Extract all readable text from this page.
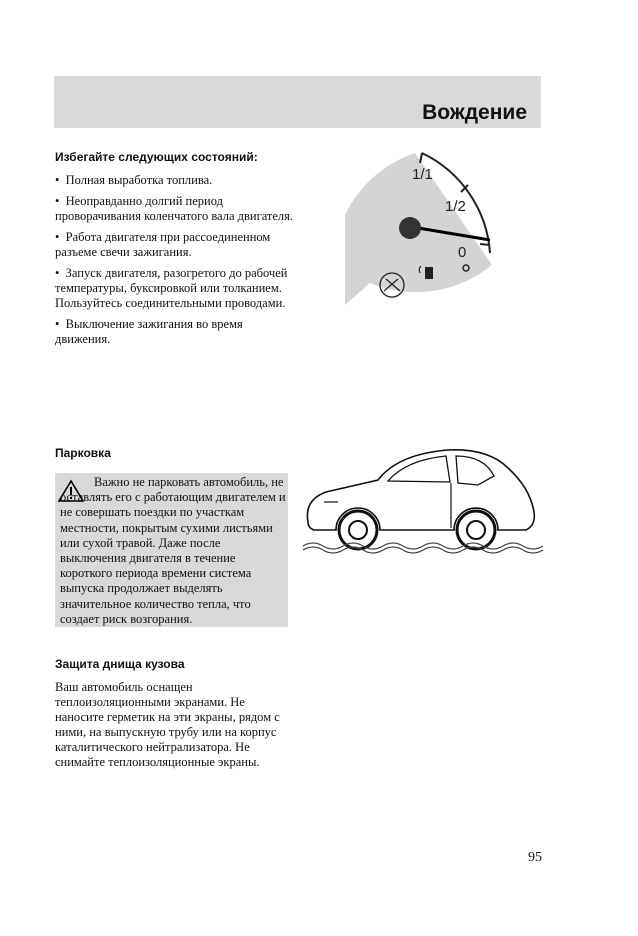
Вождение
Избегайте следующих состояний:
•  Полная выработка топлива.
•  Неоправданно долгий период проворачивания коленчатого вала двигателя.
•  Работа двигателя при рассоединенном разъеме свечи зажигания.
•  Запуск двигателя, разогретого до рабочей температуры, буксировкой или толканием. Пользуйтесь соединительными проводами.
•  Выключение зажигания во время движения.
1/1
1/2
0
Парковка
Важно не парковать автомобиль, не оставлять его с работающим двигателем и не совершать поездки по участкам местности, покрытым сухими листьями или сухой травой. Даже после выключения двигателя в течение короткого периода времени система выпуска продолжает выделять значительное количество тепла, что создает риск возгорания.
Защита днища кузова
Ваш автомобиль оснащен теплоизоляционными экранами. Не наносите герметик на эти экраны, рядом с ними, на выпускную трубу или на корпус каталитического нейтрализатора. Не снимайте теплоизоляционные экраны.
95
